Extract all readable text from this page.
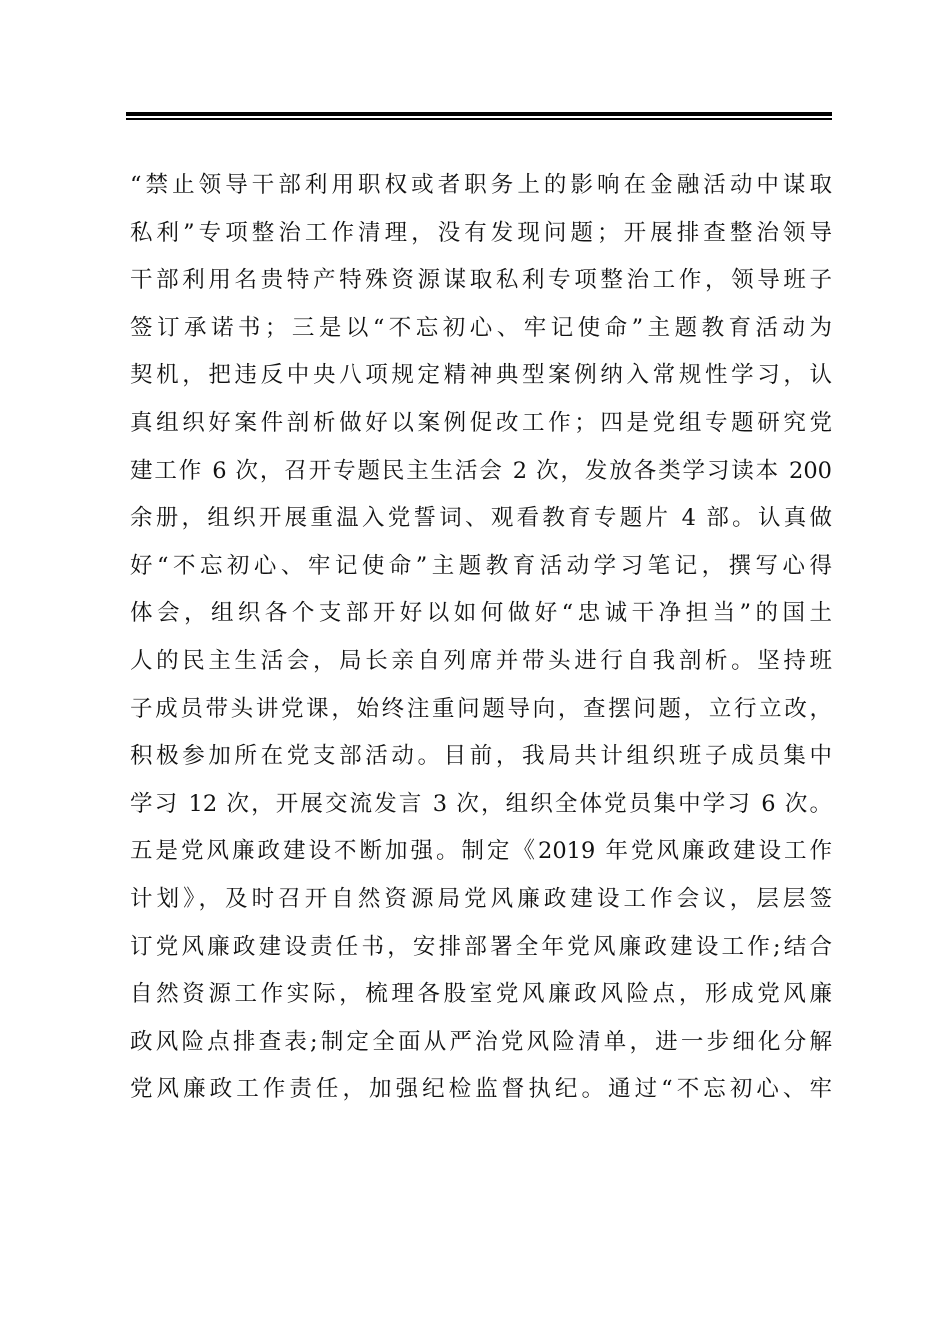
“禁止领导干部利用职权或者职务上的影响在金融活动中谋取
私利”专项整治工作清理，没有发现问题；开展排查整治领导
干部利用名贵特产特殊资源谋取私利专项整治工作，领导班子
签订承诺书；三是以“不忘初心、牢记使命”主题教育活动为
契机，把违反中央八项规定精神典型案例纳入常规性学习，认
真组织好案件剖析做好以案例促改工作；四是党组专题研究党
建工作 6 次，召开专题民主生活会 2 次，发放各类学习读本 200
余册，组织开展重温入党誓词、观看教育专题片 4 部。认真做
好“不忘初心、牢记使命”主题教育活动学习笔记，撰写心得
体会，组织各个支部开好以如何做好“忠诚干净担当”的国土
人的民主生活会，局长亲自列席并带头进行自我剖析。坚持班
子成员带头讲党课，始终注重问题导向，查摆问题，立行立改，
积极参加所在党支部活动。目前，我局共计组织班子成员集中
学习 12 次，开展交流发言 3 次，组织全体党员集中学习 6 次。
五是党风廉政建设不断加强。制定《2019 年党风廉政建设工作
计划》，及时召开自然资源局党风廉政建设工作会议，层层签
订党风廉政建设责任书，安排部署全年党风廉政建设工作;结合
自然资源工作实际，梳理各股室党风廉政风险点，形成党风廉
政风险点排查表;制定全面从严治党风险清单，进一步细化分解
党风廉政工作责任，加强纪检监督执纪。通过“不忘初心、牢
